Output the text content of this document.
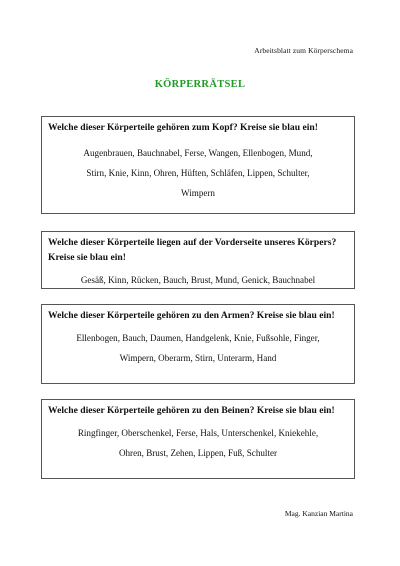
Arbeitsblatt zum Körperschema
KÖRPERRÄTSEL
Welche dieser Körperteile gehören zum Kopf? Kreise sie blau ein!
Augenbrauen, Bauchnabel, Ferse, Wangen, Ellenbogen, Mund,
Stirn, Knie, Kinn, Ohren, Hüften, Schläfen, Lippen, Schulter,
Wimpern
Welche dieser Körperteile liegen auf der Vorderseite unseres Körpers? Kreise sie blau ein!
Gesäß, Kinn, Rücken, Bauch, Brust, Mund, Genick, Bauchnabel
Welche dieser Körperteile gehören zu den Armen? Kreise sie blau ein!
Ellenbogen, Bauch, Daumen, Handgelenk, Knie, Fußsohle, Finger,
Wimpern, Oberarm, Stirn, Unterarm, Hand
Welche dieser Körperteile gehören zu den Beinen? Kreise sie blau ein!
Ringfinger, Oberschenkel, Ferse, Hals, Unterschenkel, Kniekehle,
Ohren, Brust, Zehen, Lippen, Fuß, Schulter
Mag. Kanzian Martina
